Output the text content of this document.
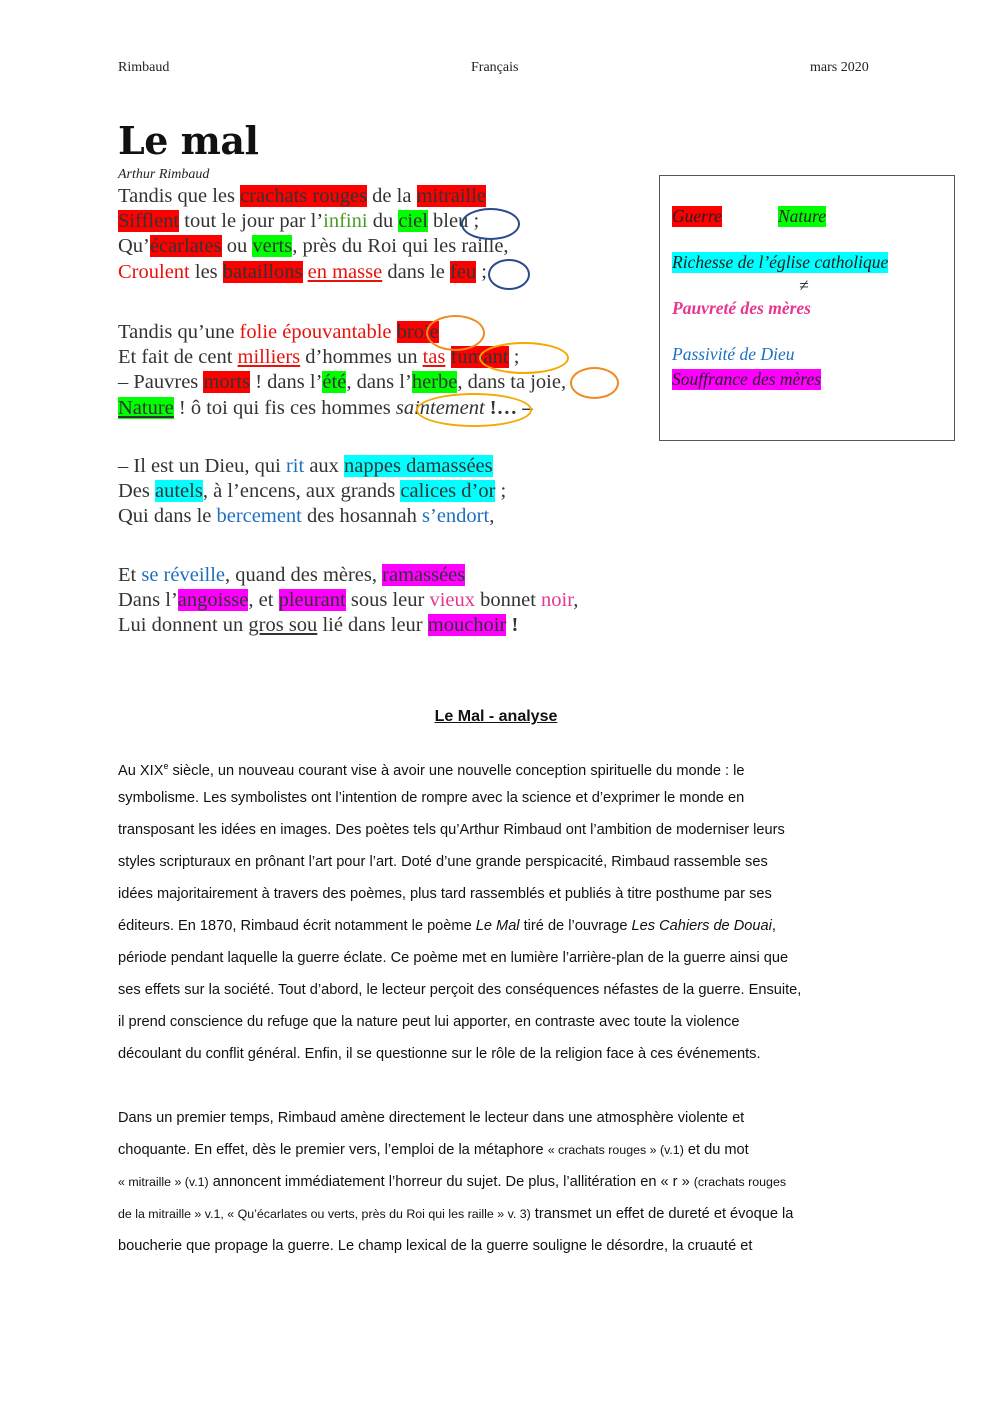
Rimbaud	Français	mars 2020
Le mal
Arthur Rimbaud
Tandis que les crachats rouges de la mitraille
Sifflent tout le jour par l’infini du ciel bleu ;
Qu’écarlates ou verts, près du Roi qui les raille,
Croulent les bataillons en masse dans le feu ;
Tandis qu’une folie épouvantable broie
Et fait de cent milliers d’hommes un tas fumant ;
– Pauvres morts ! dans l’été, dans l’herbe, dans ta joie,
Nature ! ô toi qui fis ces hommes saintement !… –
– Il est un Dieu, qui rit aux nappes damassées
Des autels, à l’encens, aux grands calices d’or ;
Qui dans le bercement des hosannah s’endort,
Et se réveille, quand des mères, ramassées
Dans l’angoisse, et pleurant sous leur vieux bonnet noir,
Lui donnent un gros sou lié dans leur mouchoir !
Guerre	Nature
Richesse de l’église catholique
≠
Pauvreté des mères
Passivité de Dieu
Souffrance des mères
Le Mal - analyse
Au XIXe siècle, un nouveau courant vise à avoir une nouvelle conception spirituelle du monde : le
symbolisme. Les symbolistes ont l’intention de rompre avec la science et d’exprimer le monde en
transposant les idées en images. Des poètes tels qu’Arthur Rimbaud ont l’ambition de moderniser leurs
styles scripturaux en prônant l’art pour l’art. Doté d’une grande perspicacité, Rimbaud rassemble ses
idées majoritairement à travers des poèmes, plus tard rassemblés et publiés à titre posthume par ses
éditeurs. En 1870, Rimbaud écrit notamment le poème Le Mal tiré de l’ouvrage Les Cahiers de Douai,
période pendant laquelle la guerre éclate. Ce poème met en lumière l’arrière-plan de la guerre ainsi que
ses effets sur la société. Tout d’abord, le lecteur perçoit des conséquences néfastes de la guerre. Ensuite,
il prend conscience du refuge que la nature peut lui apporter, en contraste avec toute la violence
découlant du conflit général. Enfin, il se questionne sur le rôle de la religion face à ces événements.
Dans un premier temps, Rimbaud amène directement le lecteur dans une atmosphère violente et
choquante. En effet, dès le premier vers, l’emploi de la métaphore « crachats rouges » (v.1) et du mot
« mitraille » (v.1) annoncent immédiatement l’horreur du sujet. De plus, l’allitération en « r » (crachats rouges
de la mitraille » v.1, « Qu’écarlates ou verts, près du Roi qui les raille » v. 3) transmet un effet de dureté et évoque la
boucherie que propage la guerre. Le champ lexical de la guerre souligne le désordre, la cruauté et
